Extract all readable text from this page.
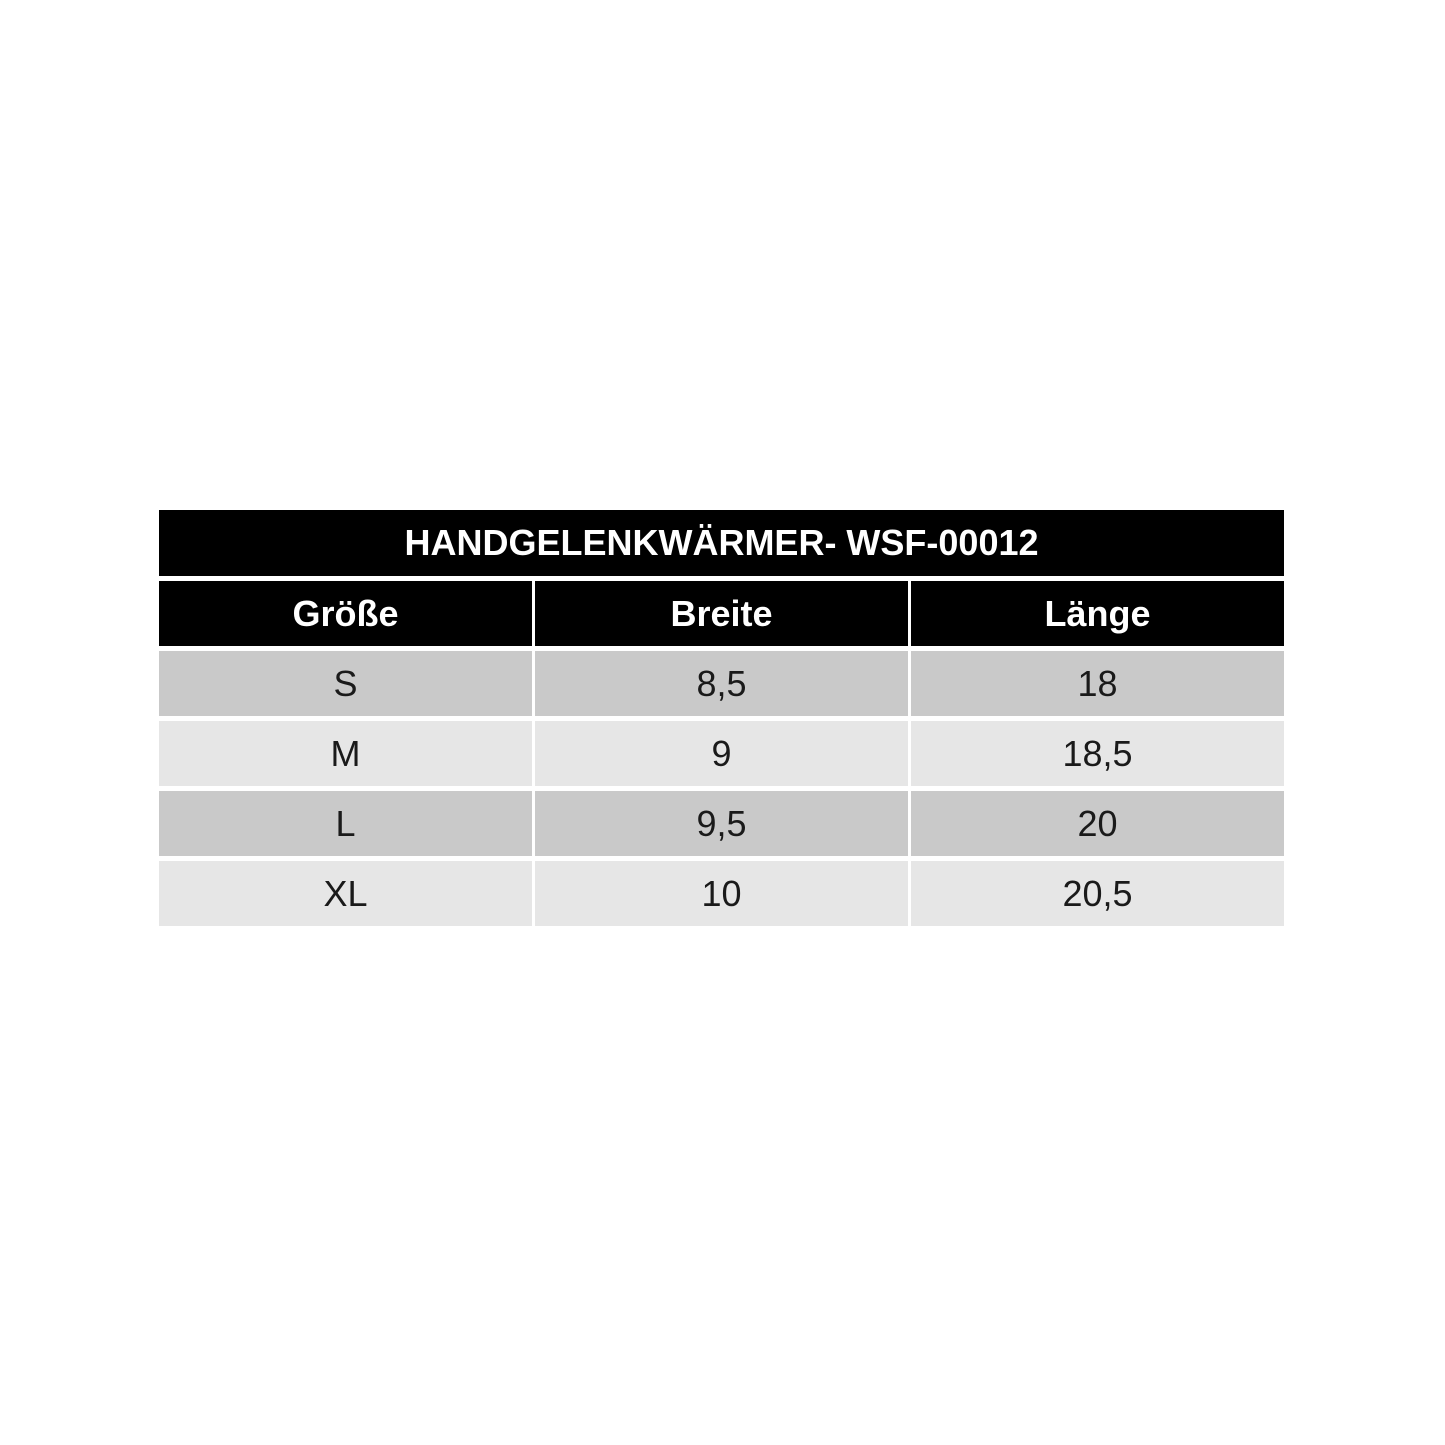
HANDGELENKWÄRMER- WSF-00012
Größe	Breite	Länge
S	8,5	18
M	9	18,5
L	9,5	20
XL	10	20,5
